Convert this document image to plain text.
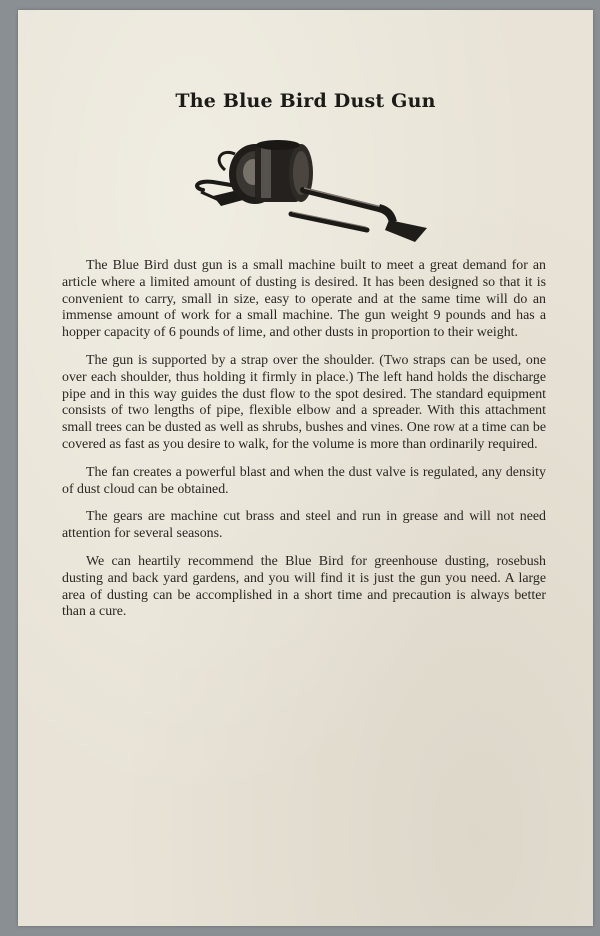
The Blue Bird Dust Gun

The Blue Bird dust gun is a small machine built to meet a great demand for an article where a limited amount of dusting is desired. It has been designed so that it is convenient to carry, small in size, easy to operate and at the same time will do an immense amount of work for a small machine. The gun weight 9 pounds and has a hopper capacity of 6 pounds of lime, and other dusts in proportion to their weight.

The gun is supported by a strap over the shoulder. (Two straps can be used, one over each shoulder, thus holding it firmly in place.) The left hand holds the discharge pipe and in this way guides the dust flow to the spot desired. The standard equipment consists of two lengths of pipe, flexible elbow and a spreader. With this attachment small trees can be dusted as well as shrubs, bushes and vines. One row at a time can be covered as fast as you desire to walk, for the volume is more than ordinarily required.

The fan creates a powerful blast and when the dust valve is regulated, any density of dust cloud can be obtained.

The gears are machine cut brass and steel and run in grease and will not need attention for several seasons.

We can heartily recommend the Blue Bird for greenhouse dusting, rosebush dusting and back yard gardens, and you will find it is just the gun you need. A large area of dusting can be accomplished in a short time and precaution is always better than a cure.
